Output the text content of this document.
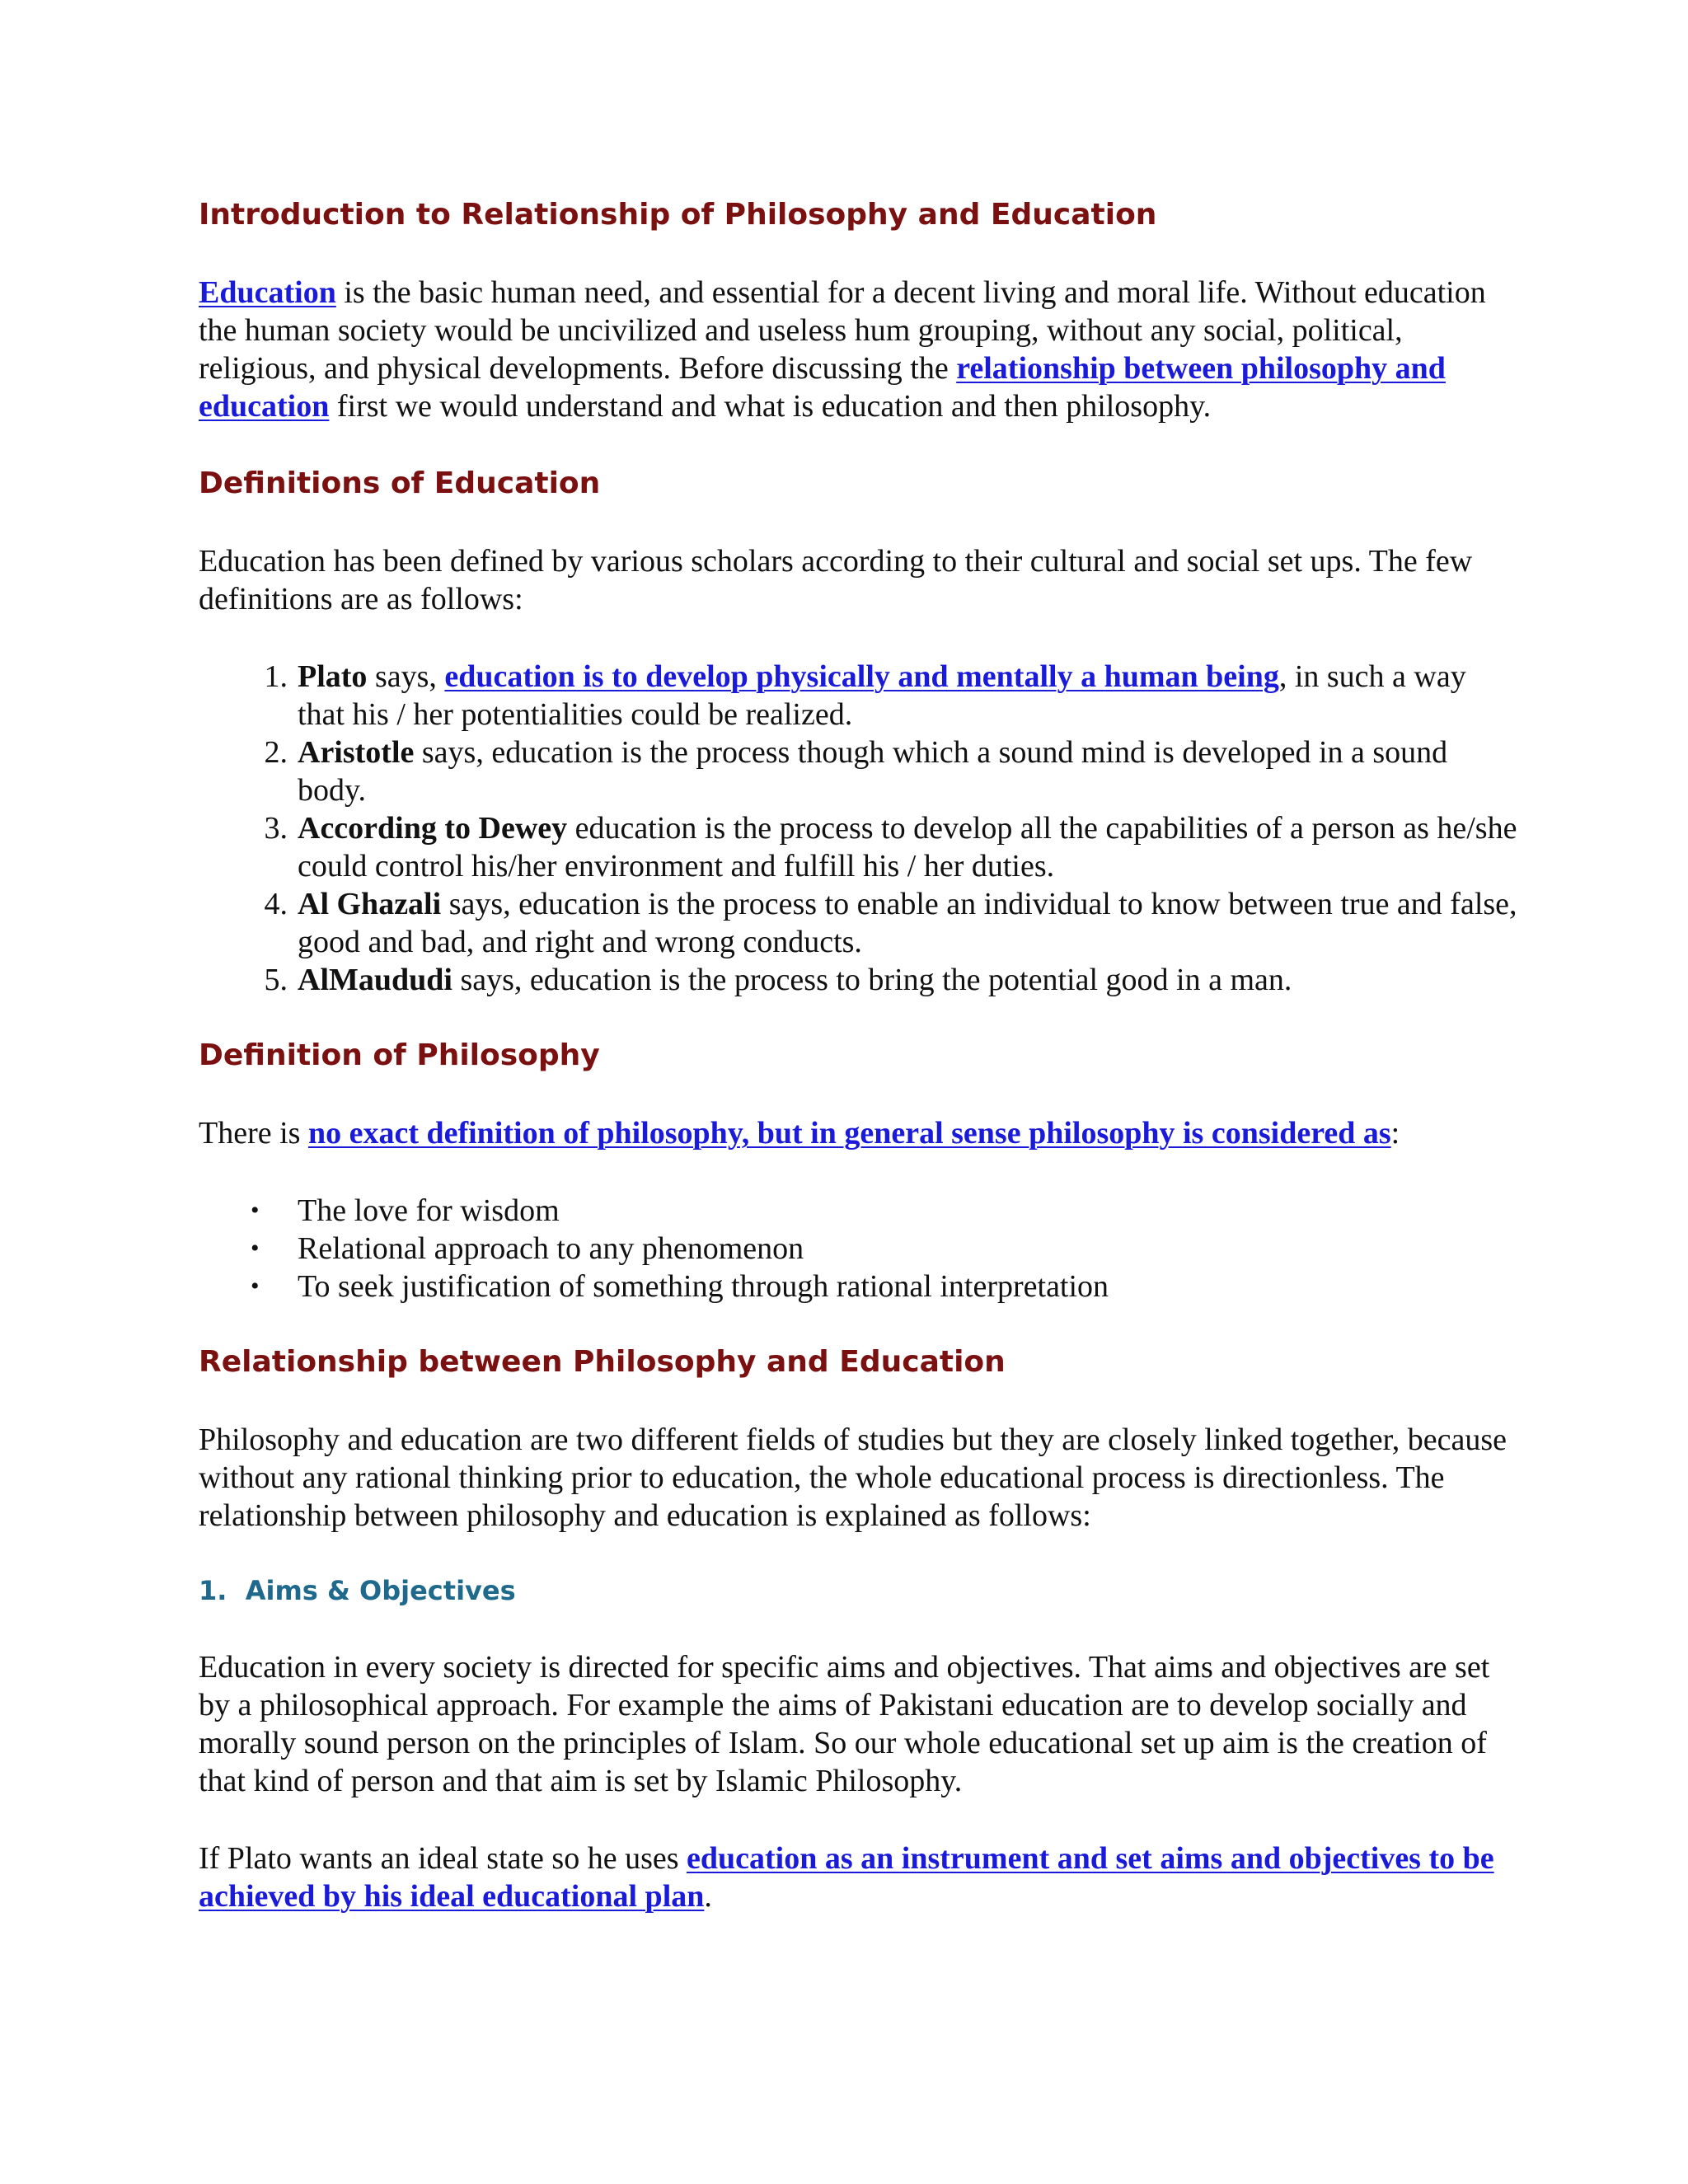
Introduction to Relationship of Philosophy and Education

Education is the basic human need, and essential for a decent living and moral life. Without education the human society would be uncivilized and useless hum grouping, without any social, political, religious, and physical developments. Before discussing the relationship between philosophy and education first we would understand and what is education and then philosophy.

Definitions of Education

Education has been defined by various scholars according to their cultural and social set ups. The few definitions are as follows:

1. Plato says, education is to develop physically and mentally a human being, in such a way that his / her potentialities could be realized.
2. Aristotle says, education is the process though which a sound mind is developed in a sound body.
3. According to Dewey education is the process to develop all the capabilities of a person as he/she could control his/her environment and fulfill his / her duties.
4. Al Ghazali says, education is the process to enable an individual to know between true and false, good and bad, and right and wrong conducts.
5. AlMaududi says, education is the process to bring the potential good in a man.
Definition of Philosophy

There is no exact definition of philosophy, but in general sense philosophy is considered as:

• The love for wisdom
• Relational approach to any phenomenon
• To seek justification of something through rational interpretation
Relationship between Philosophy and Education

Philosophy and education are two different fields of studies but they are closely linked together, because without any rational thinking prior to education, the whole educational process is directionless. The relationship between philosophy and education is explained as follows:

1.  Aims & Objectives

Education in every society is directed for specific aims and objectives. That aims and objectives are set by a philosophical approach. For example the aims of Pakistani education are to develop socially and morally sound person on the principles of Islam. So our whole educational set up aim is the creation of that kind of person and that aim is set by Islamic Philosophy.

If Plato wants an ideal state so he uses education as an instrument and set aims and objectives to be achieved by his ideal educational plan.
